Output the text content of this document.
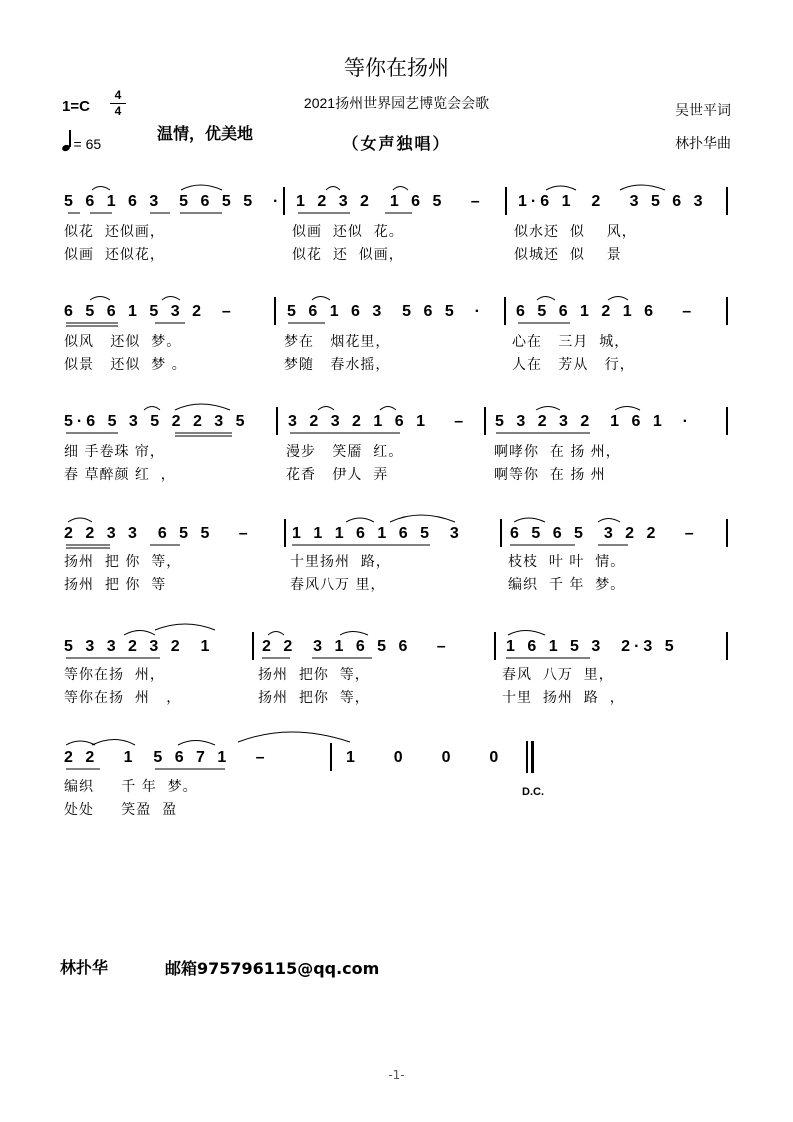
等你在扬州
2021扬州世界园艺博览会会歌
1=C
4
4
= 65
温情，优美地
（女声独唱）
吴世平词
林扑华曲
5 6 1 6 3  5 6 5 5  · 1 2 3 2  1 6 5   – 1·6 1  2   3 5 6 3
似花  还似画，	似画  还似  花。	似水还  似    风，
似画  还似花，	似花  还  似画，	似城还  似    景
6 5 6 1 5 3 2  –	5 6 1 6 3  5 6 5  · 6 5 6 1 2 1 6   –
似风   还似  梦。	梦在   烟花里，	心在   三月  城，
似景   还似  梦 。	梦随   春水摇，	人在   芳从   行，
5·6 5 3 5 2 2 3 5 3 2 3 2 1 6 1   – 5 3 2 3 2  1 6 1  ·
细 手卷珠 帘，	漫步   笑靥  红。	啊哮你  在 扬 州，
春 草醉颜 红  ，	花香   伊人  弄	啊等你  在 扬 州
2 2 3 3  6 5 5   –	1 1 1 6 1 6 5  3	6 5 6 5  3 2 2   –
扬州  把 你  等，	十里扬州  路，	枝枝  叶 叶  情。
扬州  把 你  等	春风八万 里，	编织  千 年  梦。
5 3 3 2 3 2  1	2 2  3 1 6 5 6   –	1 6 1 5 3  2·3 5
等你在扬  州，	扬州  把你  等，	春风  八万  里，
等你在扬  州   ，	扬州  把你  等，	十里  扬州  路  ，
2 2   1  5 6 7 1   –	1  0  0  0
编织     千 年  梦。
处处     笑盈  盈
D.C.
林扑华	邮箱975796115@qq.com
-1-
